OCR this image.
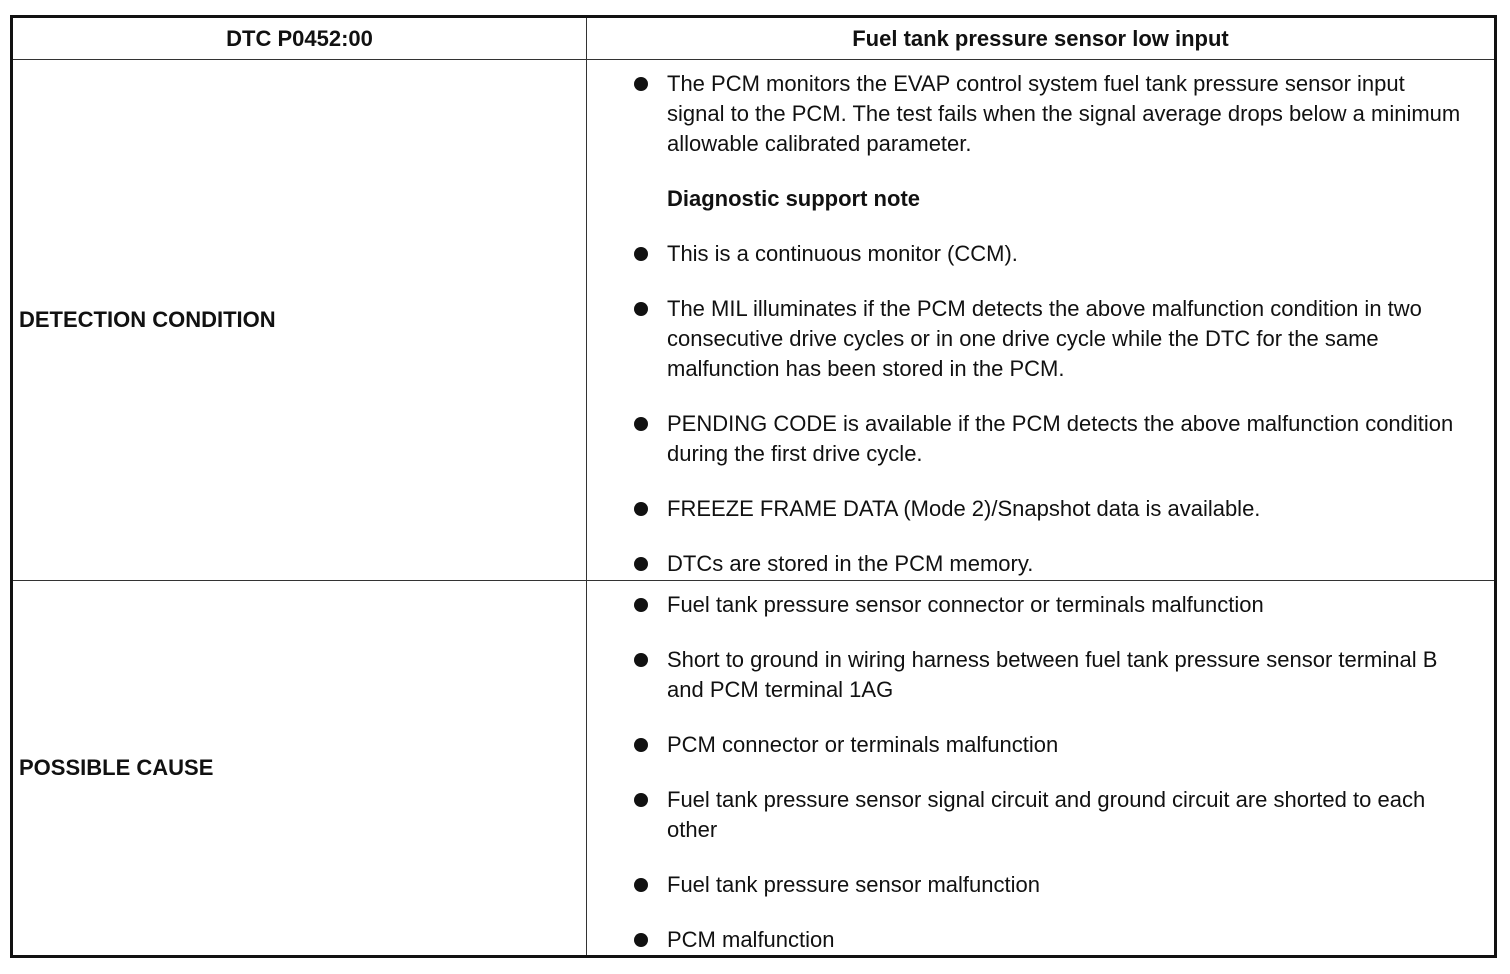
DTC P0452:00	Fuel tank pressure sensor low input
DETECTION CONDITION
The PCM monitors the EVAP control system fuel tank pressure sensor input signal to the PCM. The test fails when the signal average drops below a minimum allowable calibrated parameter.
Diagnostic support note
This is a continuous monitor (CCM).
The MIL illuminates if the PCM detects the above malfunction condition in two consecutive drive cycles or in one drive cycle while the DTC for the same malfunction has been stored in the PCM.
PENDING CODE is available if the PCM detects the above malfunction condition during the first drive cycle.
FREEZE FRAME DATA (Mode 2)/Snapshot data is available.
DTCs are stored in the PCM memory.
POSSIBLE CAUSE
Fuel tank pressure sensor connector or terminals malfunction
Short to ground in wiring harness between fuel tank pressure sensor terminal B and PCM terminal 1AG
PCM connector or terminals malfunction
Fuel tank pressure sensor signal circuit and ground circuit are shorted to each other
Fuel tank pressure sensor malfunction
PCM malfunction
